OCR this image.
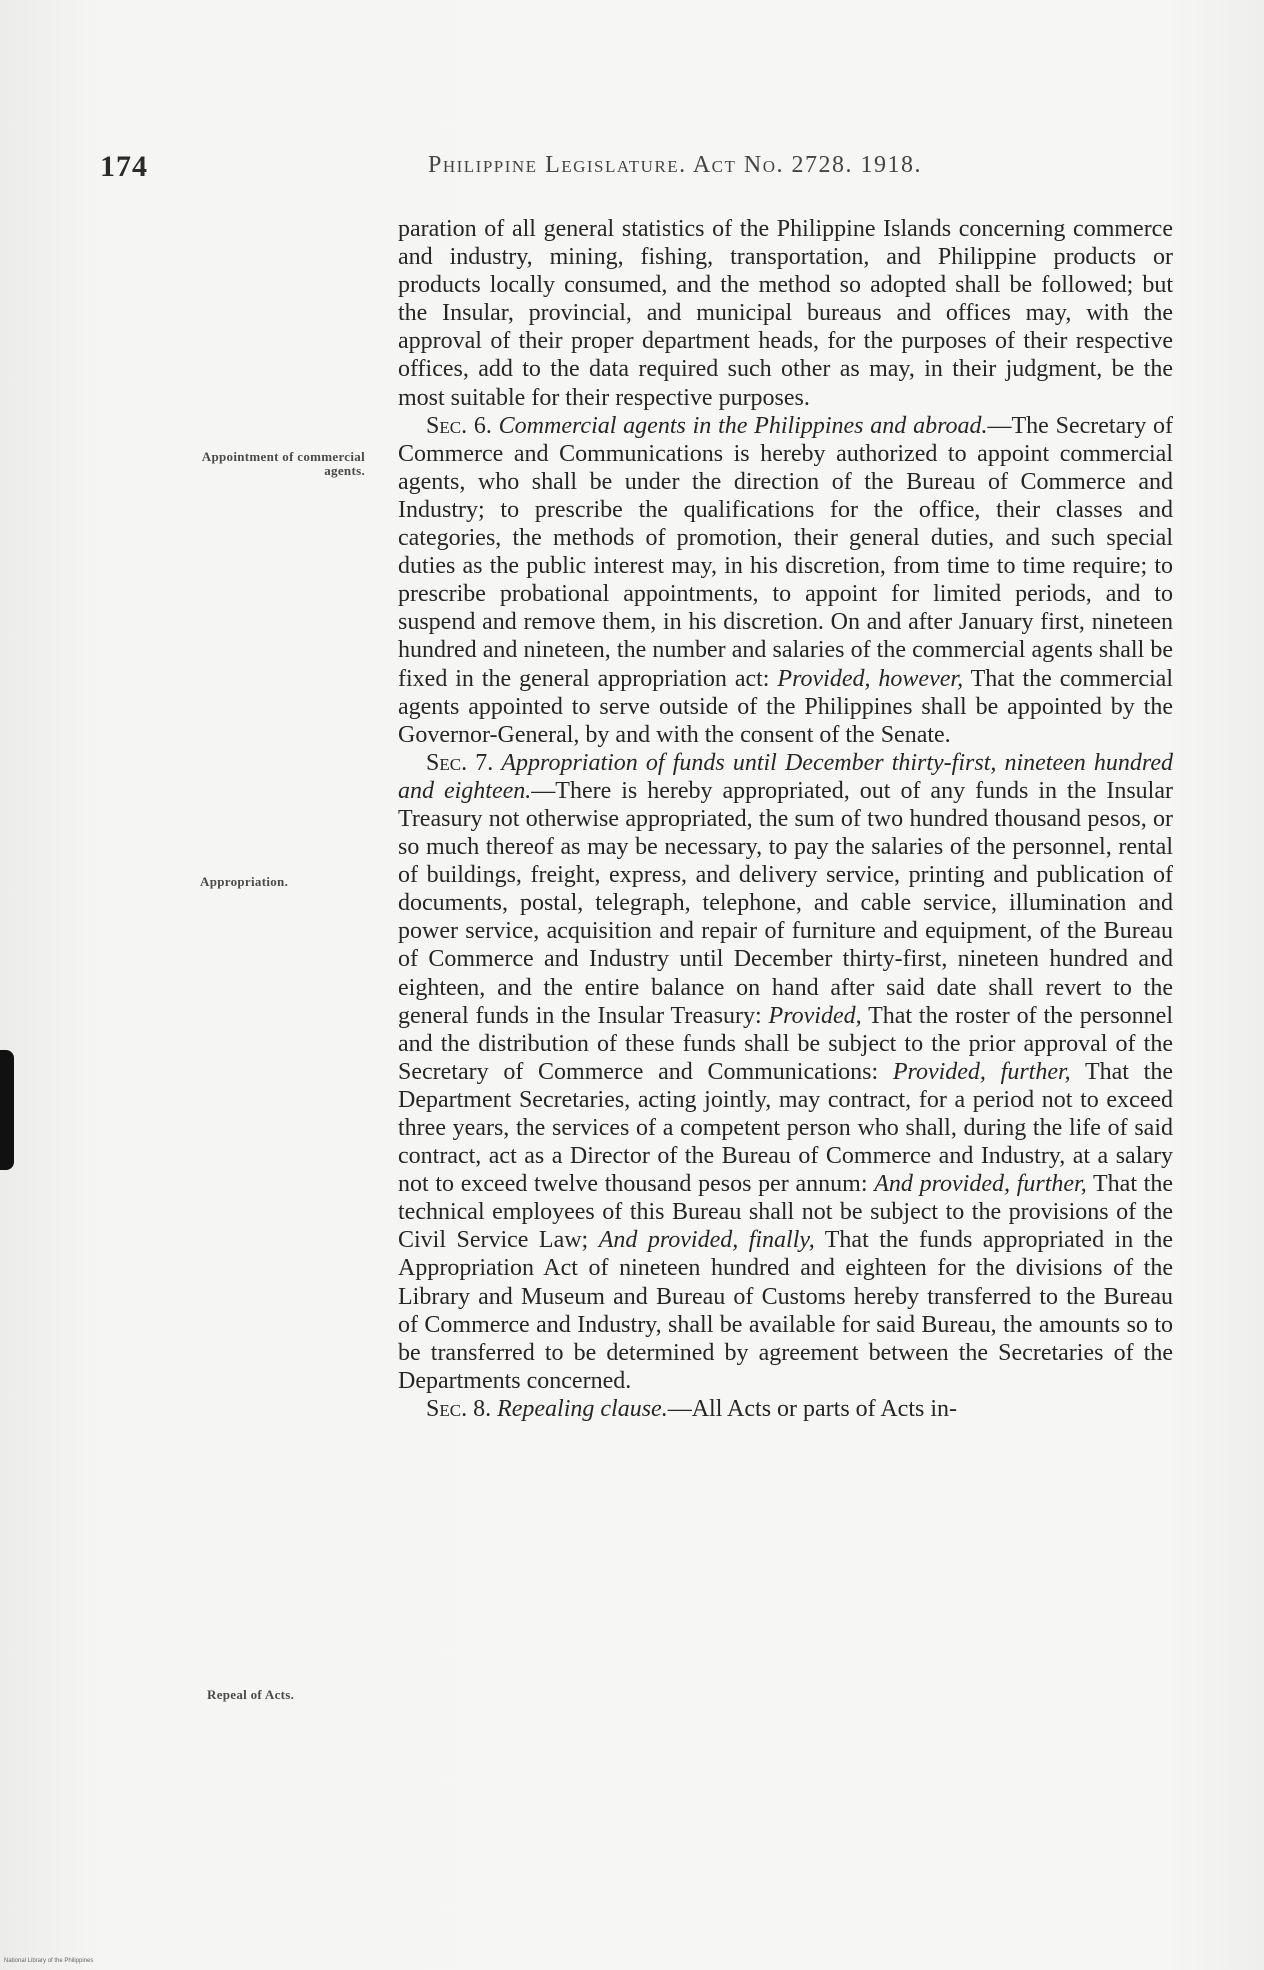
174	Philippine Legislature. Act No. 2728. 1918.
Appointment of commercial agents.
Appropriation.
Repeal of Acts.

paration of all general statistics of the Philippine Islands concerning commerce and industry, mining, fishing, transportation, and Philippine products or products locally consumed, and the method so adopted shall be followed; but the Insular, provincial, and municipal bureaus and offices may, with the approval of their proper department heads, for the purposes of their respective offices, add to the data required such other as may, in their judgment, be the most suitable for their respective purposes.

Sec. 6. Commercial agents in the Philippines and abroad.—The Secretary of Commerce and Communications is hereby authorized to appoint commercial agents, who shall be under the direction of the Bureau of Commerce and Industry; to prescribe the qualifications for the office, their classes and categories, the methods of promotion, their general duties, and such special duties as the public interest may, in his discretion, from time to time require; to prescribe probational appointments, to appoint for limited periods, and to suspend and remove them, in his discretion. On and after January first, nineteen hundred and nineteen, the number and salaries of the commercial agents shall be fixed in the general appropriation act: Provided, however, That the commercial agents appointed to serve outside of the Philippines shall be appointed by the Governor-General, by and with the consent of the Senate.

Sec. 7. Appropriation of funds until December thirty-first, nineteen hundred and eighteen.—There is hereby appropriated, out of any funds in the Insular Treasury not otherwise appropriated, the sum of two hundred thousand pesos, or so much thereof as may be necessary, to pay the salaries of the personnel, rental of buildings, freight, express, and delivery service, printing and publication of documents, postal, telegraph, telephone, and cable service, illumination and power service, acquisition and repair of furniture and equipment, of the Bureau of Commerce and Industry until December thirty-first, nineteen hundred and eighteen, and the entire balance on hand after said date shall revert to the general funds in the Insular Treasury: Provided, That the roster of the personnel and the distribution of these funds shall be subject to the prior approval of the Secretary of Commerce and Communications: Provided, further, That the Department Secretaries, acting jointly, may contract, for a period not to exceed three years, the services of a competent person who shall, during the life of said contract, act as a Director of the Bureau of Commerce and Industry, at a salary not to exceed twelve thousand pesos per annum: And provided, further, That the technical employees of this Bureau shall not be subject to the provisions of the Civil Service Law; And provided, finally, That the funds appropriated in the Appropriation Act of nineteen hundred and eighteen for the divisions of the Library and Museum and Bureau of Customs hereby transferred to the Bureau of Commerce and Industry, shall be available for said Bureau, the amounts so to be transferred to be determined by agreement between the Secretaries of the Departments concerned.

Sec. 8. Repealing clause.—All Acts or parts of Acts in-

National Library of the Philippines
